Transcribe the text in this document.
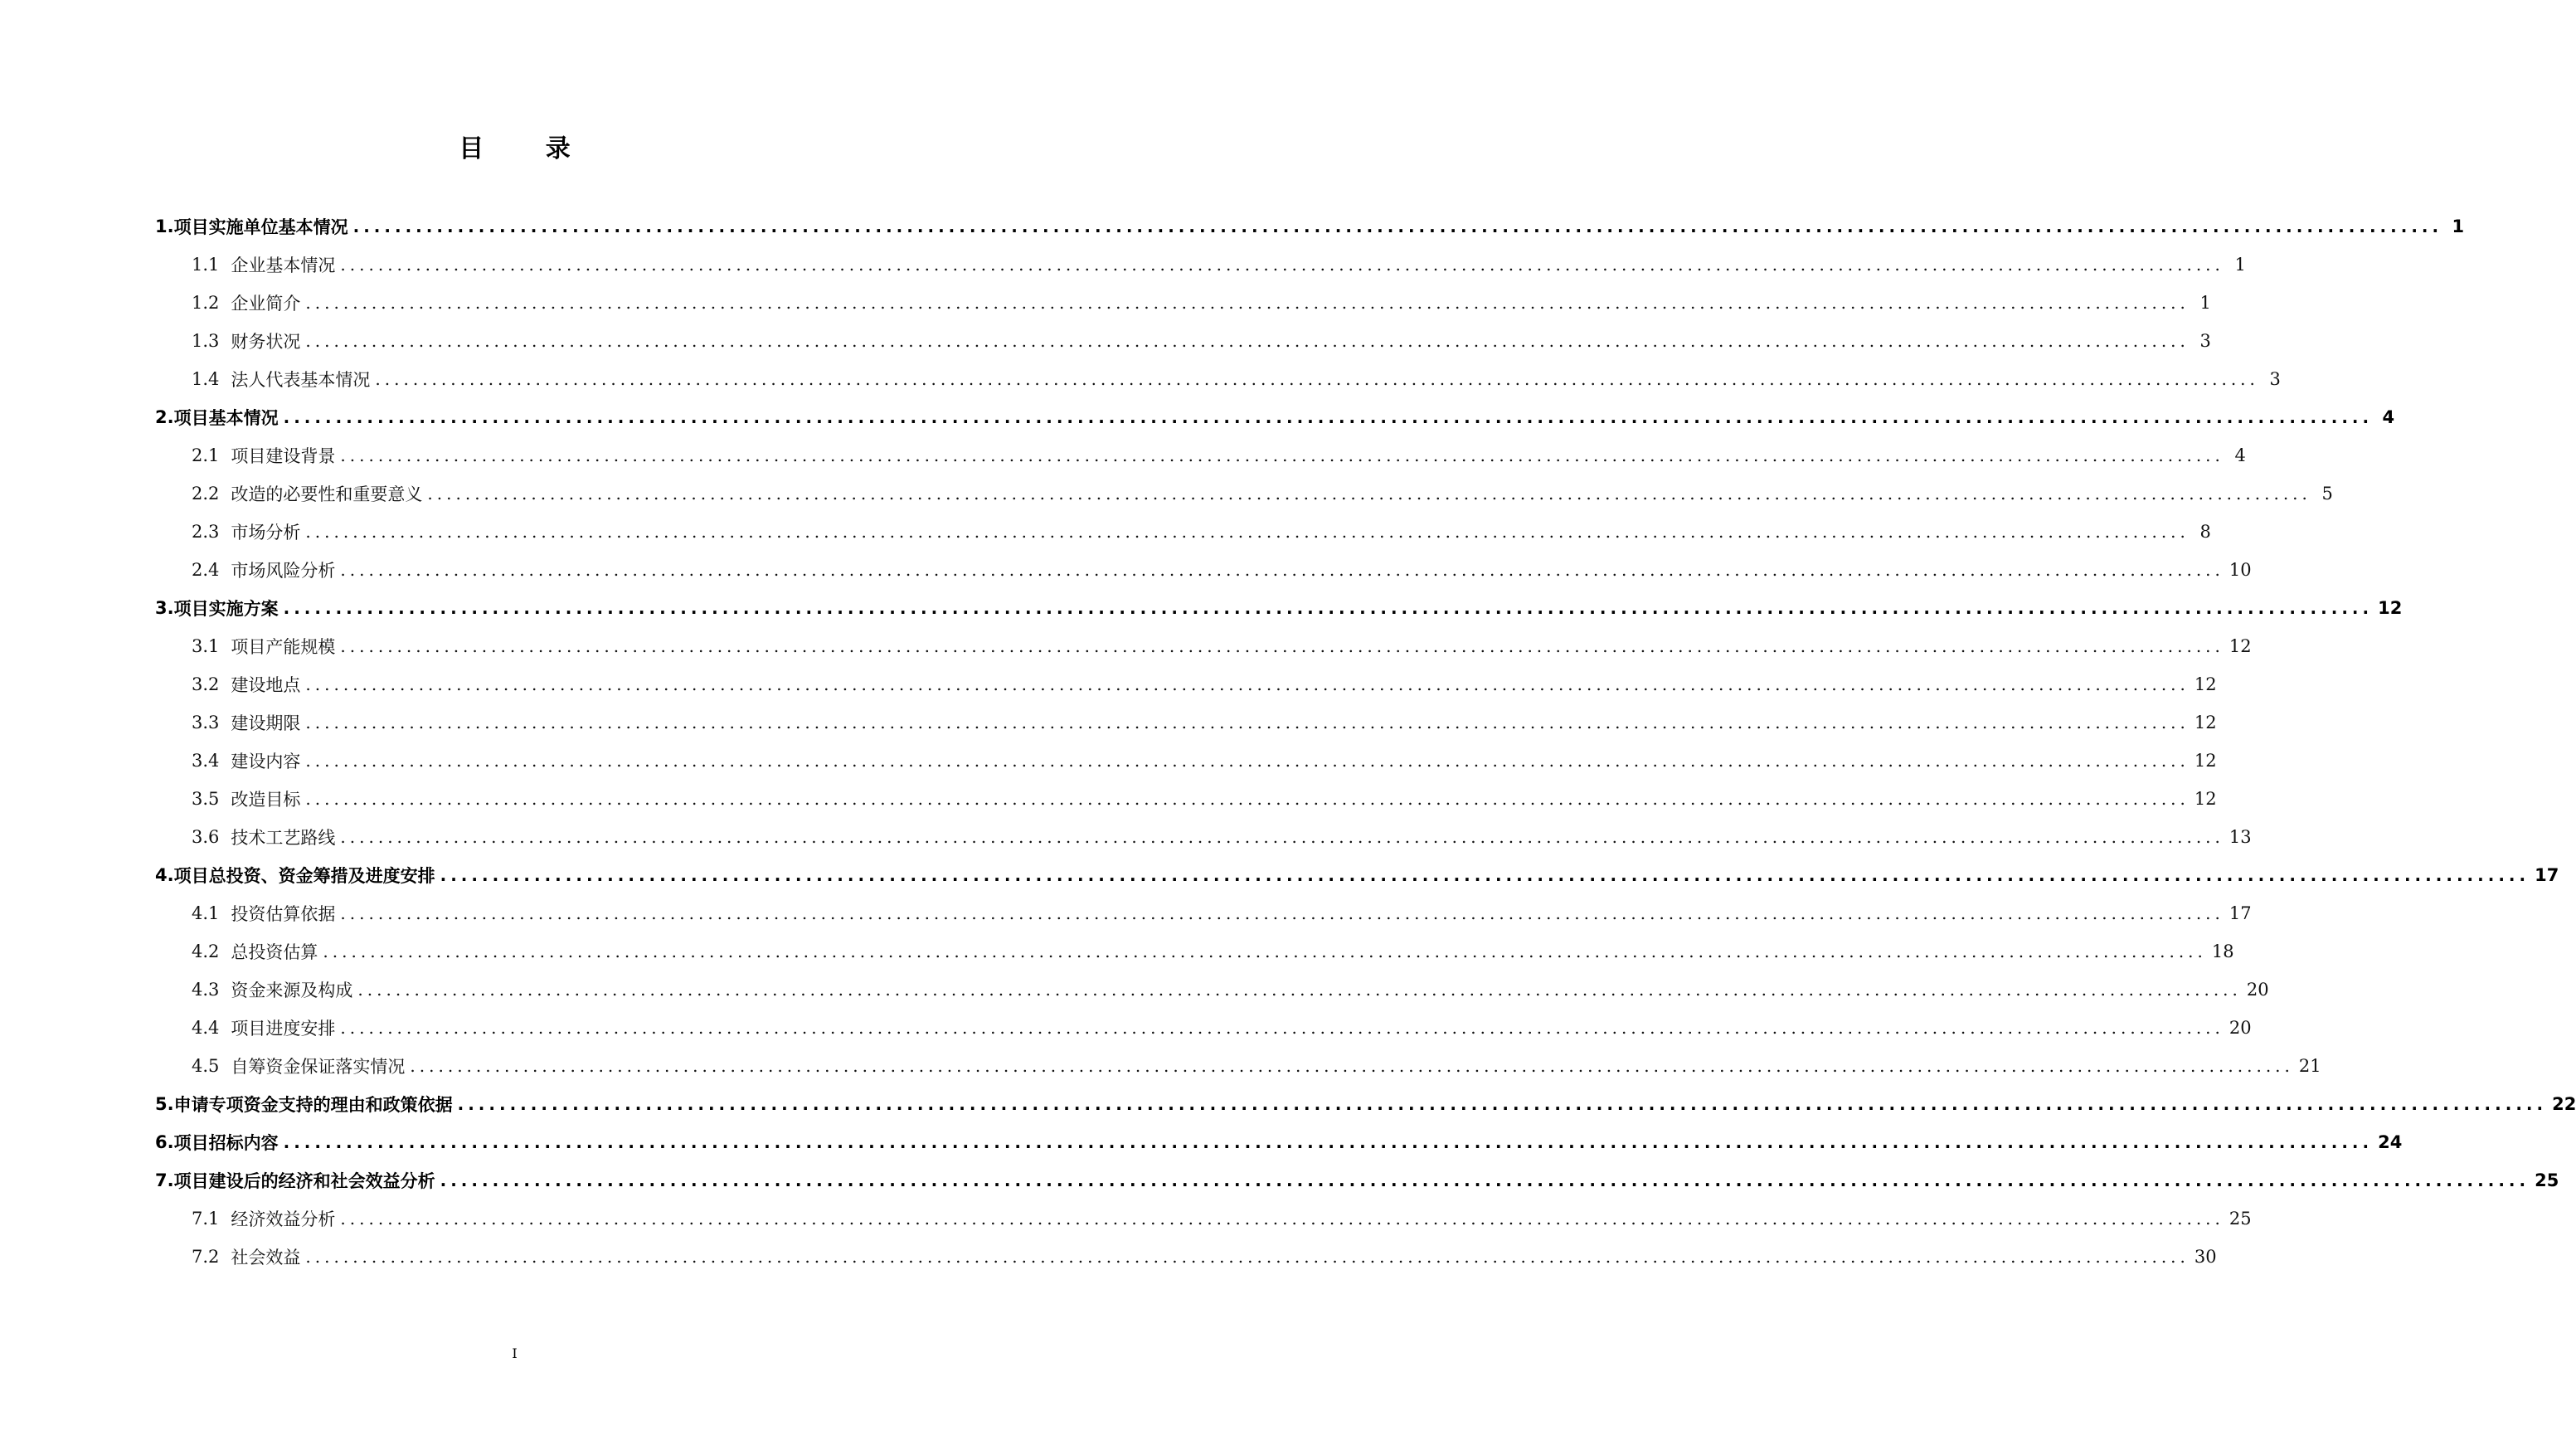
目 录
1. 项目实施单位基本情况 ........................................................................................................................................................................................................ 1
1.1 企业基本情况 ........................................................................................................................................................................................................ 1
1.2 企业简介 ........................................................................................................................................................................................................ 1
1.3 财务状况 ........................................................................................................................................................................................................ 3
1.4 法人代表基本情况 ........................................................................................................................................................................................................ 3
2. 项目基本情况 ........................................................................................................................................................................................................ 4
2.1 项目建设背景 ........................................................................................................................................................................................................ 4
2.2 改造的必要性和重要意义 ........................................................................................................................................................................................................ 5
2.3 市场分析 ........................................................................................................................................................................................................ 8
2.4 市场风险分析 ........................................................................................................................................................................................................ 10
3. 项目实施方案 ........................................................................................................................................................................................................ 12
3.1 项目产能规模 ........................................................................................................................................................................................................ 12
3.2 建设地点 ........................................................................................................................................................................................................ 12
3.3 建设期限 ........................................................................................................................................................................................................ 12
3.4 建设内容 ........................................................................................................................................................................................................ 12
3.5 改造目标 ........................................................................................................................................................................................................ 12
3.6 技术工艺路线 ........................................................................................................................................................................................................ 13
4. 项目总投资、资金筹措及进度安排 ........................................................................................................................................................................................................ 17
4.1 投资估算依据 ........................................................................................................................................................................................................ 17
4.2 总投资估算 ........................................................................................................................................................................................................ 18
4.3 资金来源及构成 ........................................................................................................................................................................................................ 20
4.4 项目进度安排 ........................................................................................................................................................................................................ 20
4.5 自筹资金保证落实情况 ........................................................................................................................................................................................................ 21
5. 申请专项资金支持的理由和政策依据 ........................................................................................................................................................................................................ 22
6. 项目招标内容 ........................................................................................................................................................................................................ 24
7. 项目建设后的经济和社会效益分析 ........................................................................................................................................................................................................ 25
7.1 经济效益分析 ........................................................................................................................................................................................................ 25
7.2 社会效益 ........................................................................................................................................................................................................ 30
I
